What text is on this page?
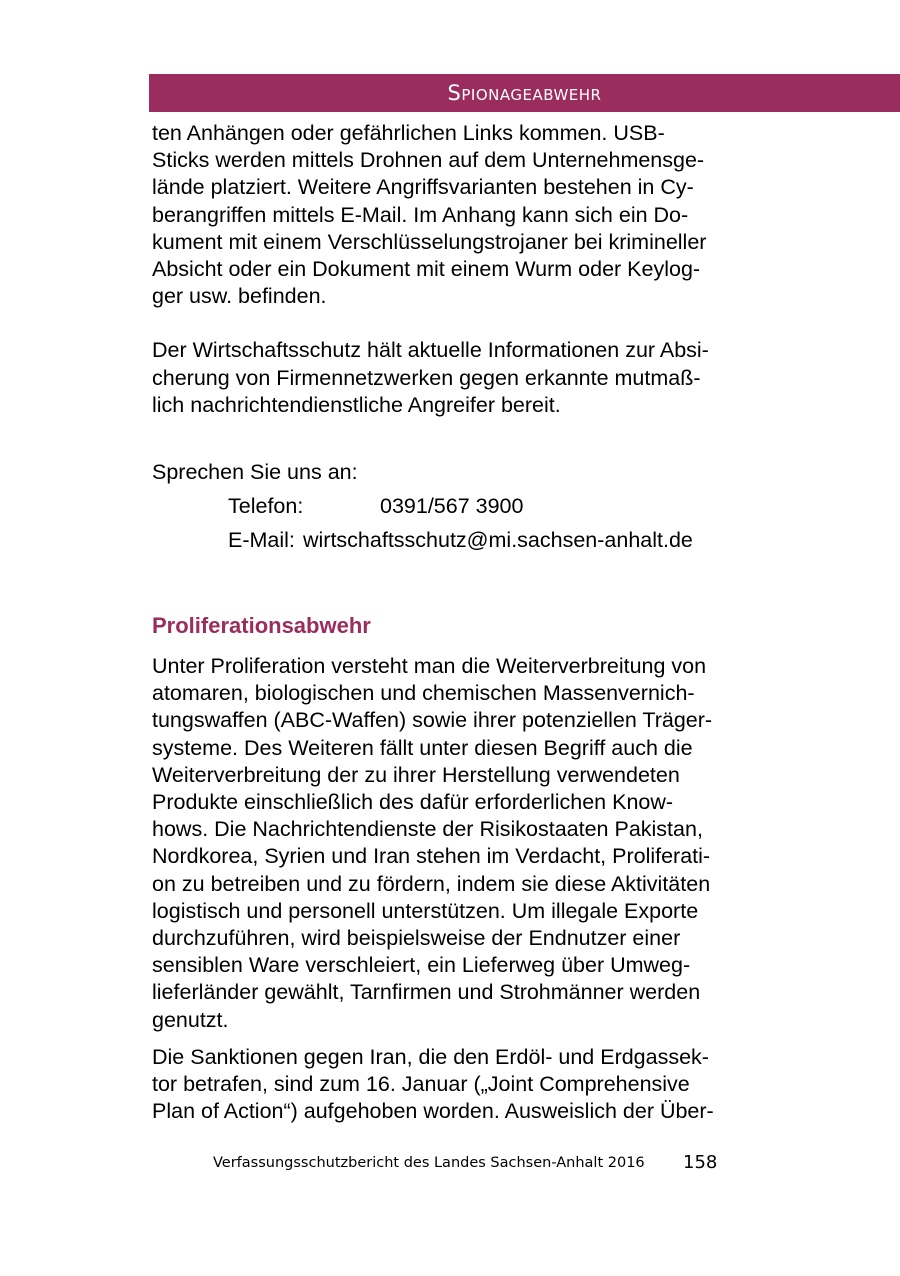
Spionageabwehr

ten Anhängen oder gefährlichen Links kommen. USB-
Sticks werden mittels Drohnen auf dem Unternehmensge-
lände platziert. Weitere Angriffsvarianten bestehen in Cy-
berangriffen mittels E-Mail. Im Anhang kann sich ein Do-
kument mit einem Verschlüsselungstrojaner bei krimineller
Absicht oder ein Dokument mit einem Wurm oder Keylog-
ger usw. befinden.

Der Wirtschaftsschutz hält aktuelle Informationen zur Absi-
cherung von Firmennetzwerken gegen erkannte mutmaß-
lich nachrichtendienstliche Angreifer bereit.

Sprechen Sie uns an:

Telefon:	0391/567 3900
E-Mail: wirtschaftsschutz@mi.sachsen-anhalt.de
Proliferationsabwehr

Unter Proliferation versteht man die Weiterverbreitung von
atomaren, biologischen und chemischen Massenvernich-
tungswaffen (ABC-Waffen) sowie ihrer potenziellen Träger-
systeme. Des Weiteren fällt unter diesen Begriff auch die
Weiterverbreitung der zu ihrer Herstellung verwendeten
Produkte einschließlich des dafür erforderlichen Know-
hows. Die Nachrichtendienste der Risikostaaten Pakistan,
Nordkorea, Syrien und Iran stehen im Verdacht, Proliferati-
on zu betreiben und zu fördern, indem sie diese Aktivitäten
logistisch und personell unterstützen. Um illegale Exporte
durchzuführen, wird beispielsweise der Endnutzer einer
sensiblen Ware verschleiert, ein Lieferweg über Umweg-
lieferländer gewählt, Tarnfirmen und Strohmänner werden
genutzt.

Die Sanktionen gegen Iran, die den Erdöl- und Erdgassek-
tor betrafen, sind zum 16. Januar („Joint Comprehensive
Plan of Action“) aufgehoben worden. Ausweislich der Über-

Verfassungsschutzbericht des Landes Sachsen-Anhalt 2016 158
